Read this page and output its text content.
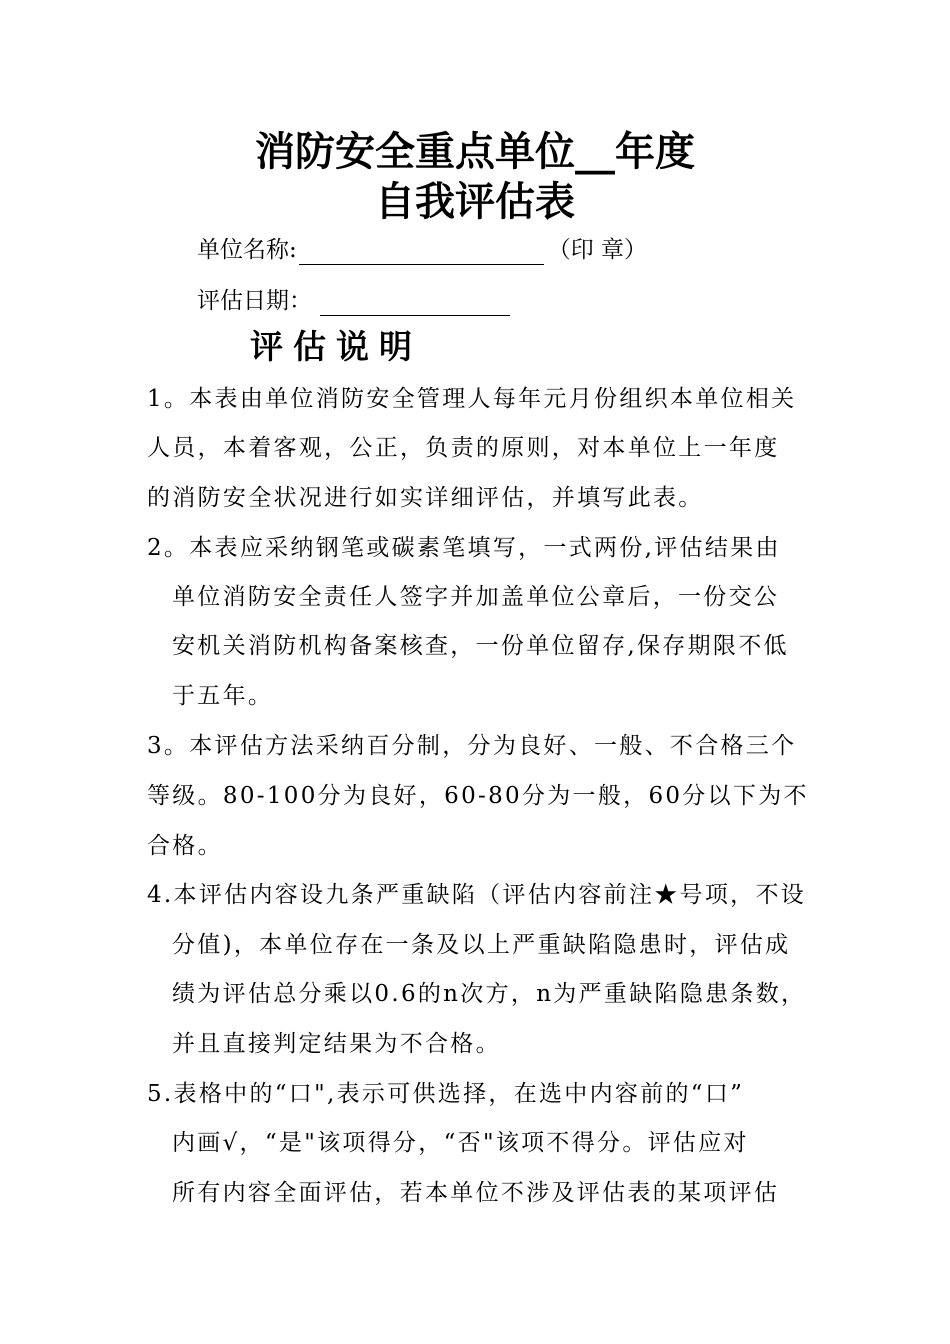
消防安全重点单位__年度
自我评估表
单位名称:	（印 章）
评估日期：
评估说明
1。本表由单位消防安全管理人每年元月份组织本单位相关
人员，本着客观，公正，负责的原则，对本单位上一年度
的消防安全状况进行如实详细评估，并填写此表。
2。本表应采纳钢笔或碳素笔填写，一式两份,评估结果由
单位消防安全责任人签字并加盖单位公章后，一份交公
安机关消防机构备案核查，一份单位留存,保存期限不低
于五年。
3。本评估方法采纳百分制，分为良好、一般、不合格三个
等级。80-100分为良好，60-80分为一般，60分以下为不
合格。
4.本评估内容设九条严重缺陷（评估内容前注★号项，不设
分值)，本单位存在一条及以上严重缺陷隐患时，评估成
绩为评估总分乘以0.6的n次方，n为严重缺陷隐患条数，
并且直接判定结果为不合格。
5.表格中的“口",表示可供选择，在选中内容前的“口”
内画√，“是"该项得分，“否"该项不得分。评估应对
所有内容全面评估，若本单位不涉及评估表的某项评估
